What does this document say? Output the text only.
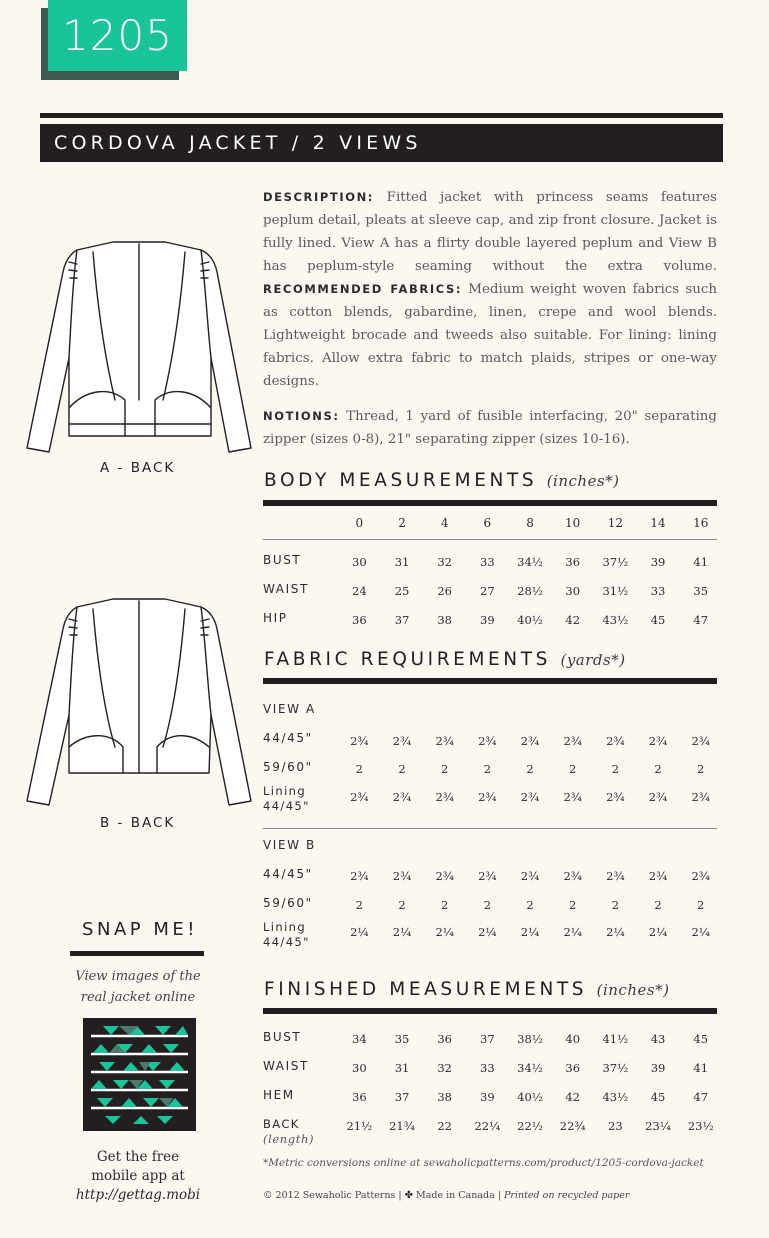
1205
CORDOVA JACKET / 2 VIEWS
A - BACK
B - BACK

DESCRIPTION: Fitted jacket with princess seams features peplum detail, pleats at sleeve cap, and zip front closure. Jacket is fully lined. View A has a flirty double layered peplum and View B has peplum-style seaming without the extra volume. RECOMMENDED FABRICS: Medium weight woven fabrics such as cotton blends, gabardine, linen, crepe and wool blends. Lightweight brocade and tweeds also suitable. For lining: lining fabrics. Allow extra fabric to match plaids, stripes or one-way designs.

NOTIONS: Thread, 1 yard of fusible interfacing, 20" separating zipper (sizes 0-8), 21" separating zipper (sizes 10-16).

BODY MEASUREMENTS (inches*)
0	2	4	6	8	10	12	14	16
BUST	30	31	32	33	34½	36	37½	39	41
WAIST	24	25	26	27	28½	30	31½	33	35
HIP	36	37	38	39	40½	42	43½	45	47
FABRIC REQUIREMENTS (yards*)
VIEW A
44/45"	2¾	2¾	2¾	2¾	2¾	2¾	2¾	2¾	2¾
59/60"	2	2	2	2	2	2	2	2	2
Lining
44/45"
2¾	2¾	2¾	2¾	2¾	2¾	2¾	2¾	2¾
VIEW B
44/45"	2¾	2¾	2¾	2¾	2¾	2¾	2¾	2¾	2¾
59/60"	2	2	2	2	2	2	2	2	2
Lining
44/45"
2¼	2¼	2¼	2¼	2¼	2¼	2¼	2¼	2¼
FINISHED MEASUREMENTS (inches*)
BUST	34	35	36	37	38½	40	41½	43	45
WAIST	30	31	32	33	34½	36	37½	39	41
HEM	36	37	38	39	40½	42	43½	45	47
BACK
(length)
21½	21¾	22	22¼	22½	22¾	23	23¼	23½
*Metric conversions online at sewaholicpatterns.com/product/1205-cordova-jacket
SNAP ME!
View images of the
real jacket online
Get the free
mobile app at
http://gettag.mobi	© 2012 Sewaholic Patterns | ✤ Made in Canada | Printed on recycled paper
